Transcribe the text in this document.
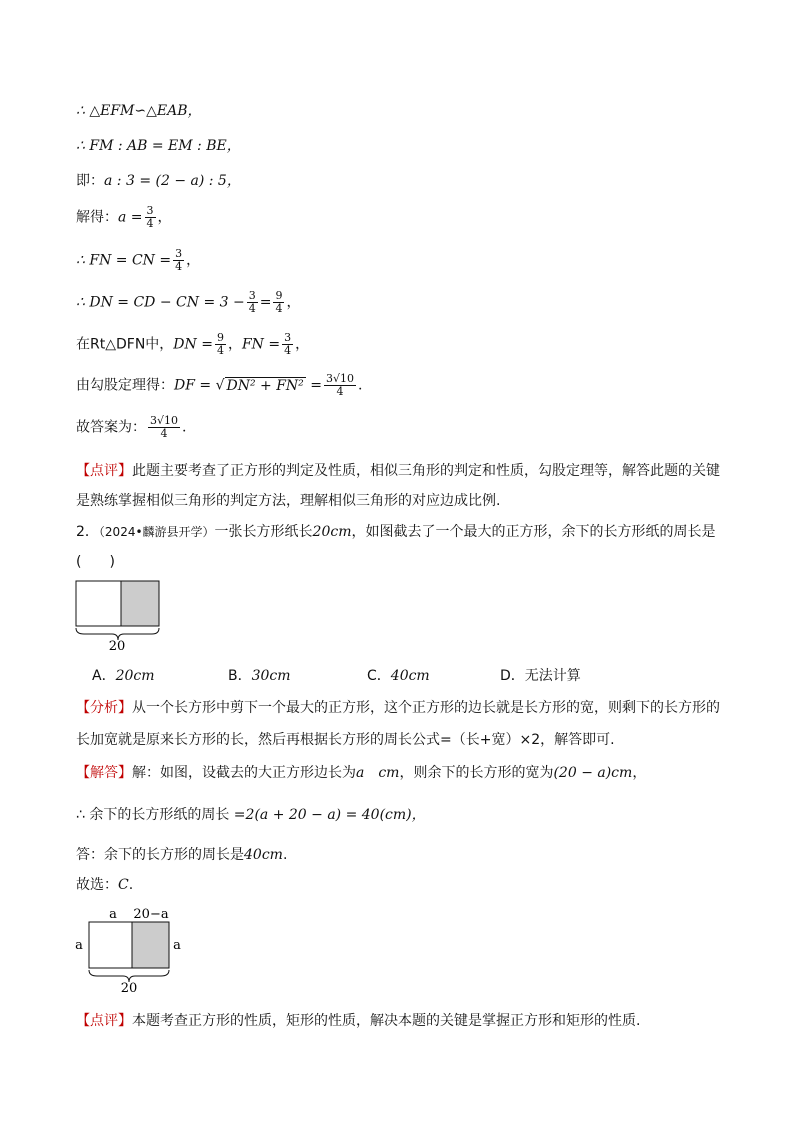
∴ △EFM∽△EAB，
∴ FM : AB = EM : BE，
即：a : 3 = (2 − a) : 5，
解得：$a = \frac{3}{4}$ ，
∴ FN = CN = $\frac{3}{4}$ ，
∴ DN = CD − CN = $3 - \frac{3}{4} = \frac{9}{4}$ ，
在Rt△DFN中，DN = $\frac{9}{4}$ ，FN = $\frac{3}{4}$ ，
由勾股定理得：DF = √ $DN^2 + FN^2 = \frac{3√10}{4}$ .
故答案为： $\frac{3√10}{4}$ .
【点评】此题主要考查了正方形的判定及性质，相似三角形的判定和性质，勾股定理等，解答此题的关键
是熟练掌握相似三角形的判定方法，理解相似三角形的对应边成比例.
2．（2024•麟游县开学）一张长方形纸长20cm，如图截去了一个最大的正方形，余下的长方形纸的周长是
(　　)
20
A．20cm	B．30cm	C．40cm	D．无法计算
【分析】从一个长方形中剪下一个最大的正方形，这个正方形的边长就是长方形的宽，则剩下的长方形的
长加宽就是原来长方形的长，然后再根据长方形的周长公式=（长+宽）×2，解答即可.
【解答】解：如图，设截去的大正方形边长为a　cm，则余下的长方形的宽为(20 − a)cm，
∴ 余下的长方形纸的周长 =2(a + 20 − a) = 40(cm)，
答：余下的长方形的周长是40cm.
故选：C.
a 20−a
a	a
20
【点评】本题考查正方形的性质，矩形的性质，解决本题的关键是掌握正方形和矩形的性质.
